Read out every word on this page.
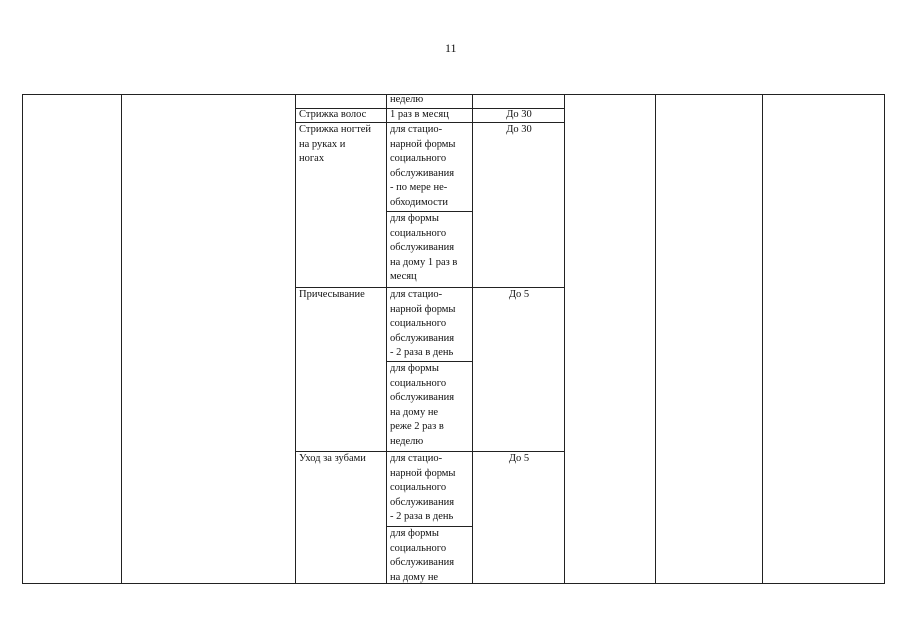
11
неделю
Стрижка волос 1 раз в месяц	До 30
Стрижка ногтей
на руках и
ногах
для стацио-
нарной формы
социального
обслуживания
- по мере не-
обходимости
для формы
социального
обслуживания
на дому 1 раз в
месяц
До 30
Причесывание для стацио-
нарной формы
социального
обслуживания
- 2 раза в день
для формы
социального
обслуживания
на дому не
реже 2 раз в
неделю
До 5
Уход за зубами для стацио-
нарной формы
социального
обслуживания
- 2 раза в день
для формы
социального
обслуживания
на дому не
До 5
